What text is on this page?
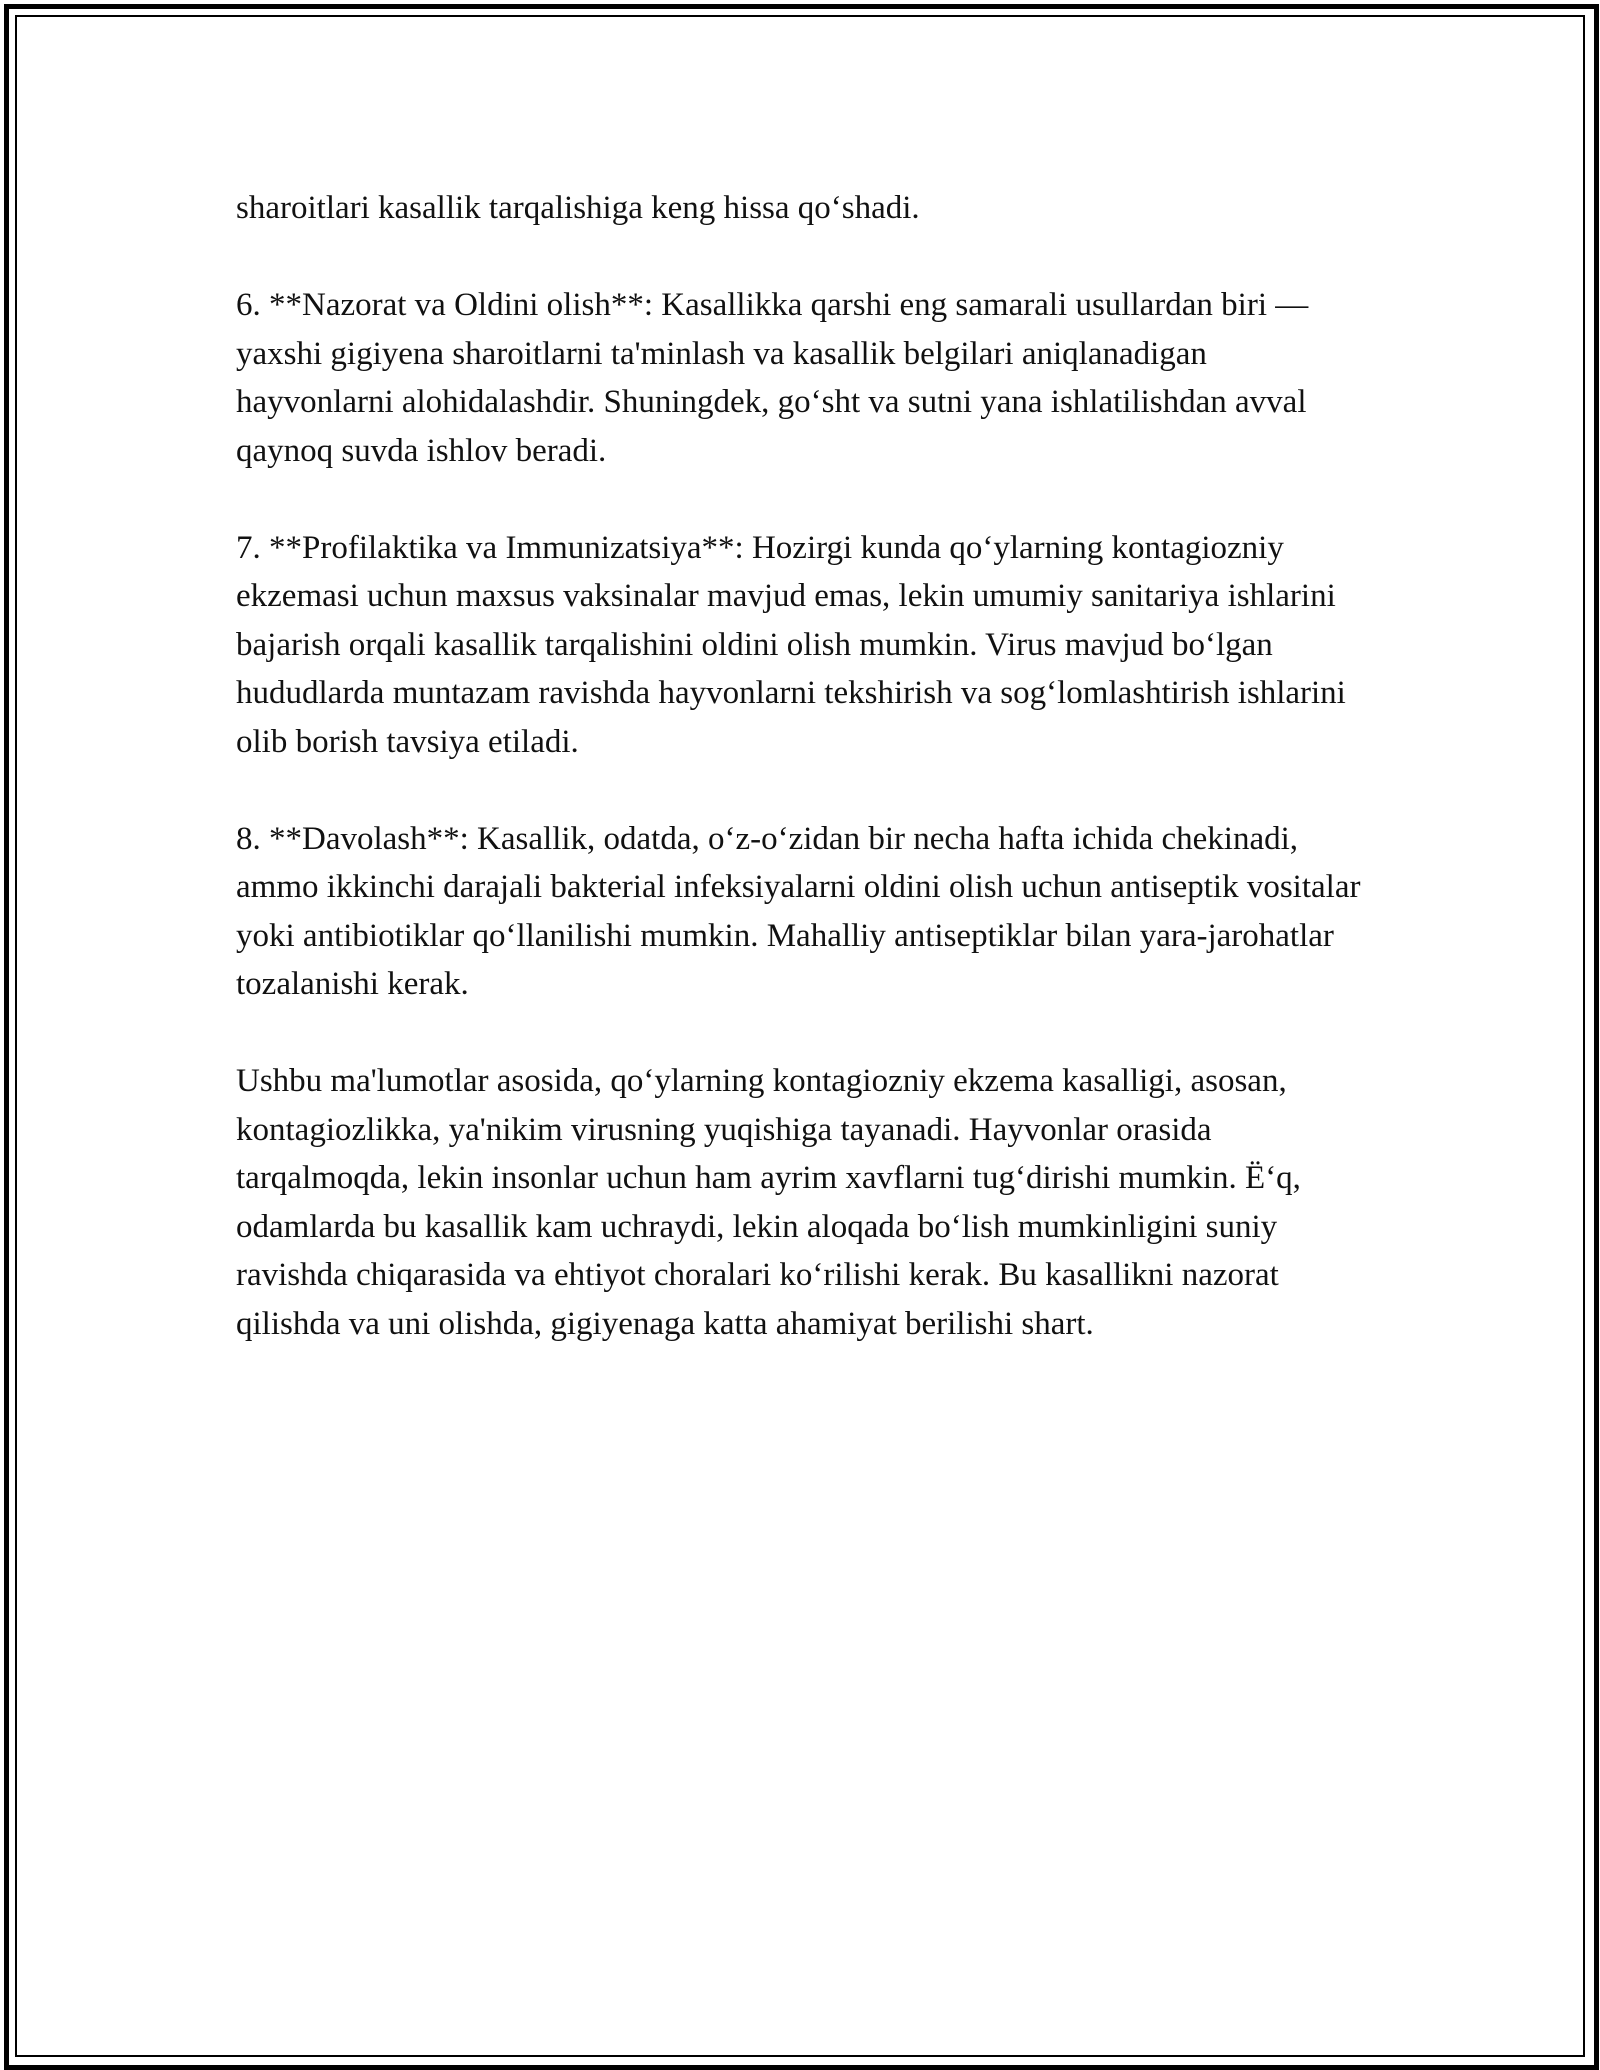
sharoitlari kasallik tarqalishiga keng hissa qo‘shadi.

6. **Nazorat va Oldini olish**: Kasallikka qarshi eng samarali usullardan biri — yaxshi gigiyena sharoitlarni ta'minlash va kasallik belgilari aniqlanadigan hayvonlarni alohidalashdir. Shuningdek, go‘sht va sutni yana ishlatilishdan avval qaynoq suvda ishlov beradi.

7. **Profilaktika va Immunizatsiya**: Hozirgi kunda qo‘ylarning kontagiozniy ekzemasi uchun maxsus vaksinalar mavjud emas, lekin umumiy sanitariya ishlarini bajarish orqali kasallik tarqalishini oldini olish mumkin. Virus mavjud bo‘lgan hududlarda muntazam ravishda hayvonlarni tekshirish va sog‘lomlashtirish ishlarini olib borish tavsiya etiladi.

8. **Davolash**: Kasallik, odatda, o‘z-o‘zidan bir necha hafta ichida chekinadi, ammo ikkinchi darajali bakterial infeksiyalarni oldini olish uchun antiseptik vositalar yoki antibiotiklar qo‘llanilishi mumkin. Mahalliy antiseptiklar bilan yara-jarohatlar tozalanishi kerak.

Ushbu ma'lumotlar asosida, qo‘ylarning kontagiozniy ekzema kasalligi, asosan, kontagiozlikka, ya'nikim virusning yuqishiga tayanadi. Hayvonlar orasida tarqalmoqda, lekin insonlar uchun ham ayrim xavflarni tug‘dirishi mumkin. Ё‘q, odamlarda bu kasallik kam uchraydi, lekin aloqada bo‘lish mumkinligini suniy ravishda chiqarasida va ehtiyot choralari ko‘rilishi kerak. Bu kasallikni nazorat qilishda va uni olishda, gigiyenaga katta ahamiyat berilishi shart.
